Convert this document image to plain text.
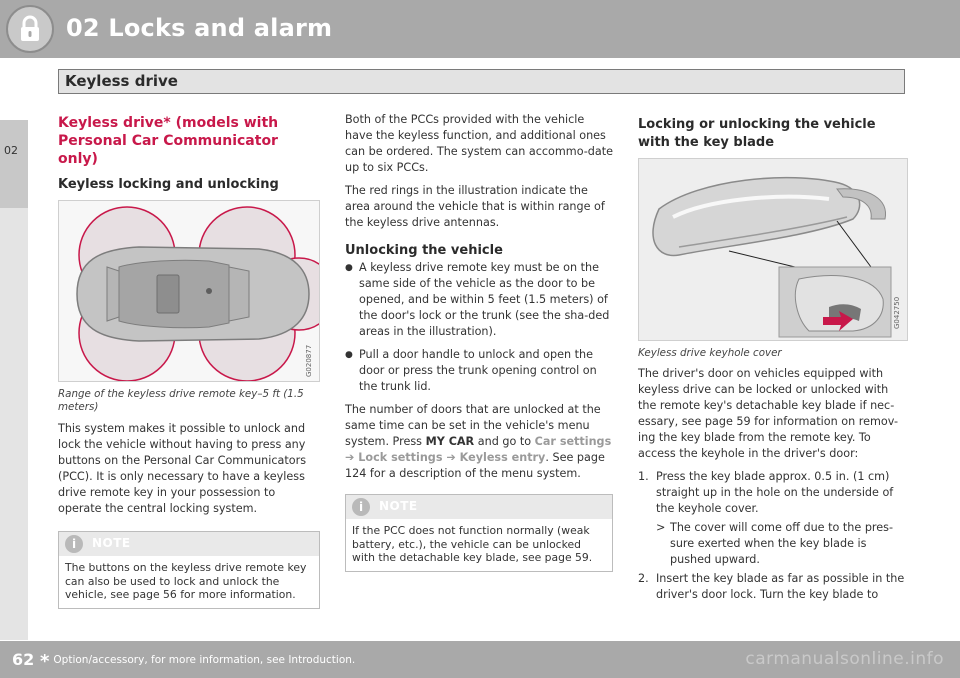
02 Locks and alarm
Keyless drive
02
Keyless drive* (models with Personal Car Communicator only)
Keyless locking and unlocking
G020877
Range of the keyless drive remote key–5 ft (1.5 meters)

This system makes it possible to unlock and lock the vehicle without having to press any buttons on the Personal Car Communicators (PCC). It is only necessary to have a keyless drive remote key in your possession to operate the central locking system.

i	NOTE
The buttons on the keyless drive remote key can also be used to lock and unlock the vehicle, see page 56 for more information.

Both of the PCCs provided with the vehicle have the keyless function, and additional ones can be ordered. The system can accommo-date up to six PCCs.

The red rings in the illustration indicate the area around the vehicle that is within range of the keyless drive antennas.

Unlocking the vehicle
● A keyless drive remote key must be on the same side of the vehicle as the door to be opened, and be within 5 feet (1.5 meters) of the door's lock or the trunk (see the sha-ded areas in the illustration).
● Pull a door handle to unlock and open the door or press the trunk opening control on the trunk lid.

The number of doors that are unlocked at the same time can be set in the vehicle's menu system. Press MY CAR and go to Car settings
➔ Lock settings ➔ Keyless entry. See page 124 for a description of the menu system.

i	NOTE
If the PCC does not function normally (weak battery, etc.), the vehicle can be unlocked with the detachable key blade, see page 59.
Locking or unlocking the vehicle with the key blade
G042750
Keyless drive keyhole cover

The driver's door on vehicles equipped with keyless drive can be locked or unlocked with the remote key's detachable key blade if nec-essary, see page 59 for information on remov-ing the key blade from the remote key. To access the keyhole in the driver's door:

1. Press the key blade approx. 0.5 in. (1 cm) straight up in the hole on the underside of the keyhole cover.
> The cover will come off due to the pres-sure exerted when the key blade is pushed upward.
2. Insert the key blade as far as possible in the driver's door lock. Turn the key blade to
62 * Option/accessory, for more information, see Introduction.	carmanualsonline.info
